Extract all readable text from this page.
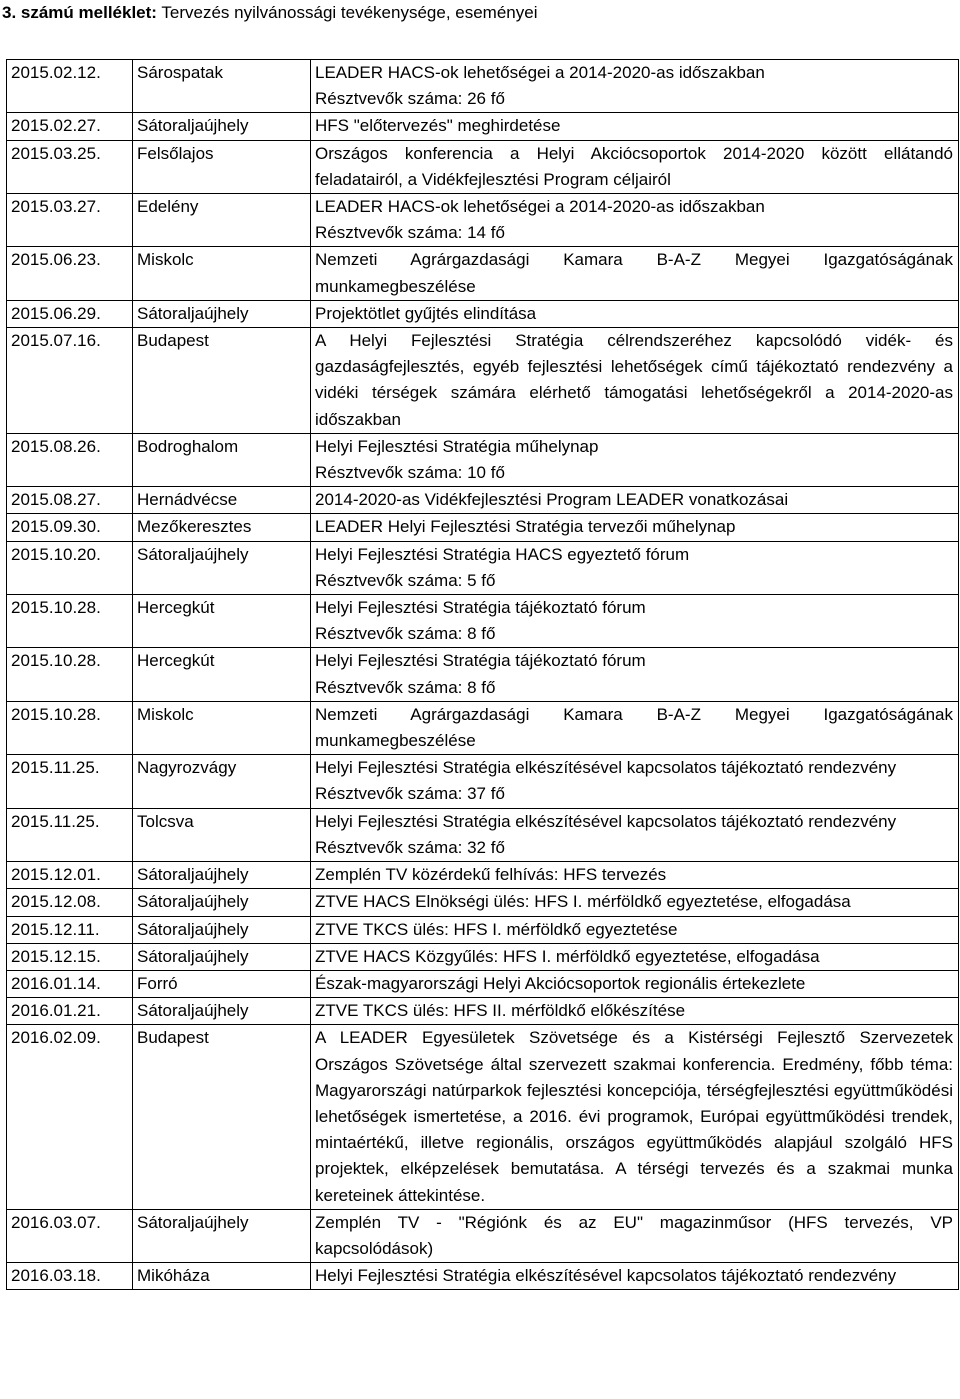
3. számú melléklet: Tervezés nyilvánossági tevékenysége, eseményei
2015.02.12.	Sárospatak	LEADER HACS-ok lehetőségei a 2014-2020-as időszakban
Résztvevők száma: 26 fő

2015.02.27.	Sátoraljaújhely	HFS "előtervezés" meghirdetése

2015.03.25.	Felsőlajos	Országos konferencia a Helyi Akciócsoportok 2014-2020 között ellátandó feladatairól, a Vidékfejlesztési Program céljairól

2015.03.27.	Edelény	LEADER HACS-ok lehetőségei a 2014-2020-as időszakban
Résztvevők száma: 14 fő

2015.06.23.	Miskolc	Nemzeti Agrárgazdasági Kamara B-A-Z Megyei Igazgatóságának munkamegbeszélése

2015.06.29.	Sátoraljaújhely	Projektötlet gyűjtés elindítása

2015.07.16.	Budapest	A Helyi Fejlesztési Stratégia célrendszeréhez kapcsolódó vidék- és gazdaságfejlesztés, egyéb fejlesztési lehetőségek című tájékoztató rendezvény a vidéki térségek számára elérhető támogatási lehetőségekről a 2014-2020-as időszakban

2015.08.26.	Bodroghalom	Helyi Fejlesztési Stratégia műhelynap
Résztvevők száma: 10 fő

2015.08.27.	Hernádvécse	2014-2020-as Vidékfejlesztési Program LEADER vonatkozásai

2015.09.30.	Mezőkeresztes	LEADER Helyi Fejlesztési Stratégia tervezői műhelynap

2015.10.20.	Sátoraljaújhely	Helyi Fejlesztési Stratégia HACS egyeztető fórum
Résztvevők száma: 5 fő

2015.10.28.	Hercegkút	Helyi Fejlesztési Stratégia tájékoztató fórum
Résztvevők száma: 8 fő

2015.10.28.	Hercegkút	Helyi Fejlesztési Stratégia tájékoztató fórum
Résztvevők száma: 8 fő

2015.10.28.	Miskolc	Nemzeti Agrárgazdasági Kamara B-A-Z Megyei Igazgatóságának munkamegbeszélése

2015.11.25.	Nagyrozvágy	Helyi Fejlesztési Stratégia elkészítésével kapcsolatos tájékoztató rendezvény
Résztvevők száma: 37 fő

2015.11.25.	Tolcsva	Helyi Fejlesztési Stratégia elkészítésével kapcsolatos tájékoztató rendezvény
Résztvevők száma: 32 fő

2015.12.01.	Sátoraljaújhely	Zemplén TV közérdekű felhívás: HFS tervezés

2015.12.08.	Sátoraljaújhely	ZTVE HACS Elnökségi ülés: HFS I. mérföldkő egyeztetése, elfogadása

2015.12.11.	Sátoraljaújhely	ZTVE TKCS ülés: HFS I. mérföldkő egyeztetése

2015.12.15.	Sátoraljaújhely	ZTVE HACS Közgyűlés: HFS I. mérföldkő egyeztetése, elfogadása

2016.01.14.	Forró	Észak-magyarországi Helyi Akciócsoportok regionális értekezlete

2016.01.21.	Sátoraljaújhely	ZTVE TKCS ülés: HFS II. mérföldkő előkészítése

2016.02.09.	Budapest	A LEADER Egyesületek Szövetsége és a Kistérségi Fejlesztő Szervezetek Országos Szövetsége által szervezett szakmai konferencia. Eredmény, főbb téma: Magyarországi natúrparkok fejlesztési koncepciója, térségfejlesztési együttműködési lehetőségek ismertetése, a 2016. évi programok, Európai együttműködési trendek, mintaértékű, illetve regionális, országos együttműködés alapjául szolgáló HFS projektek, elképzelések bemutatása. A térségi tervezés és a szakmai munka kereteinek áttekintése.

2016.03.07.	Sátoraljaújhely	Zemplén TV - "Régiónk és az EU" magazinműsor (HFS tervezés, VP kapcsolódások)

2016.03.18.	Mikóháza	Helyi Fejlesztési Stratégia elkészítésével kapcsolatos tájékoztató rendezvény
